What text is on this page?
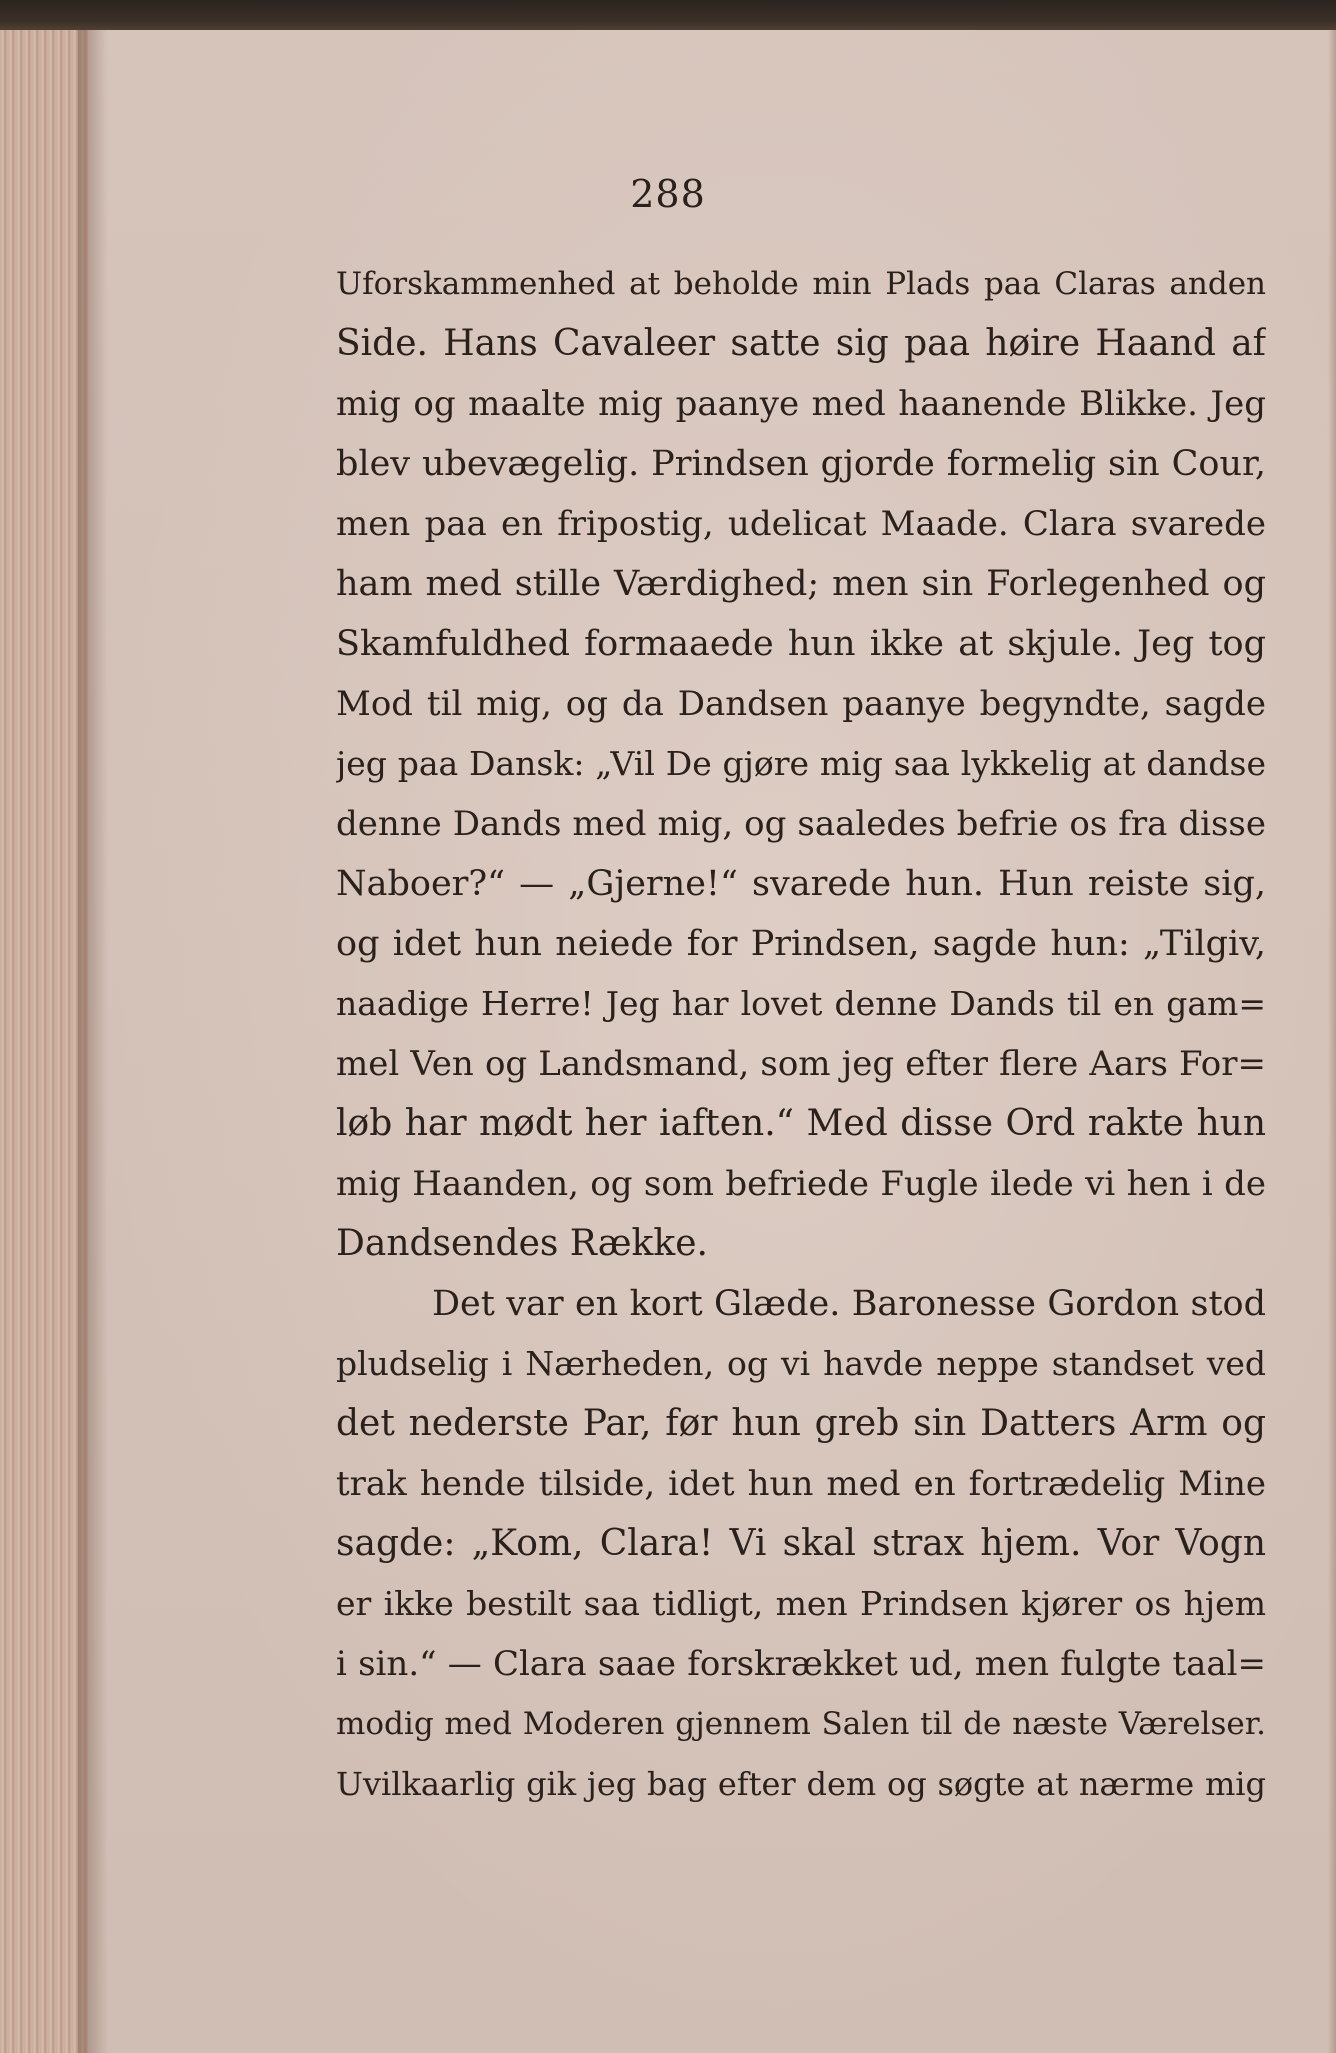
288
Uforskammenhed at beholde min Plads paa Claras anden
Side. Hans Cavaleer satte sig paa høire Haand af
mig og maalte mig paanye med haanende Blikke. Jeg
blev ubevægelig. Prindsen gjorde formelig sin Cour,
men paa en fripostig, udelicat Maade. Clara svarede
ham med stille Værdighed; men sin Forlegenhed og
Skamfuldhed formaaede hun ikke at skjule. Jeg tog
Mod til mig, og da Dandsen paanye begyndte, sagde
jeg paa Dansk: „Vil De gjøre mig saa lykkelig at dandse
denne Dands med mig, og saaledes befrie os fra disse
Naboer?“ — „Gjerne!“ svarede hun. Hun reiste sig,
og idet hun neiede for Prindsen, sagde hun: „Tilgiv,
naadige Herre! Jeg har lovet denne Dands til en gam=
mel Ven og Landsmand, som jeg efter flere Aars For=
løb har mødt her iaften.“ Med disse Ord rakte hun
mig Haanden, og som befriede Fugle ilede vi hen i de
Dandsendes Række.
Det var en kort Glæde. Baronesse Gordon stod
pludselig i Nærheden, og vi havde neppe standset ved
det nederste Par, før hun greb sin Datters Arm og
trak hende tilside, idet hun med en fortrædelig Mine
sagde: „Kom, Clara! Vi skal strax hjem. Vor Vogn
er ikke bestilt saa tidligt, men Prindsen kjører os hjem
i sin.“ — Clara saae forskrækket ud, men fulgte taal=
modig med Moderen gjennem Salen til de næste Værelser.
Uvilkaarlig gik jeg bag efter dem og søgte at nærme mig
